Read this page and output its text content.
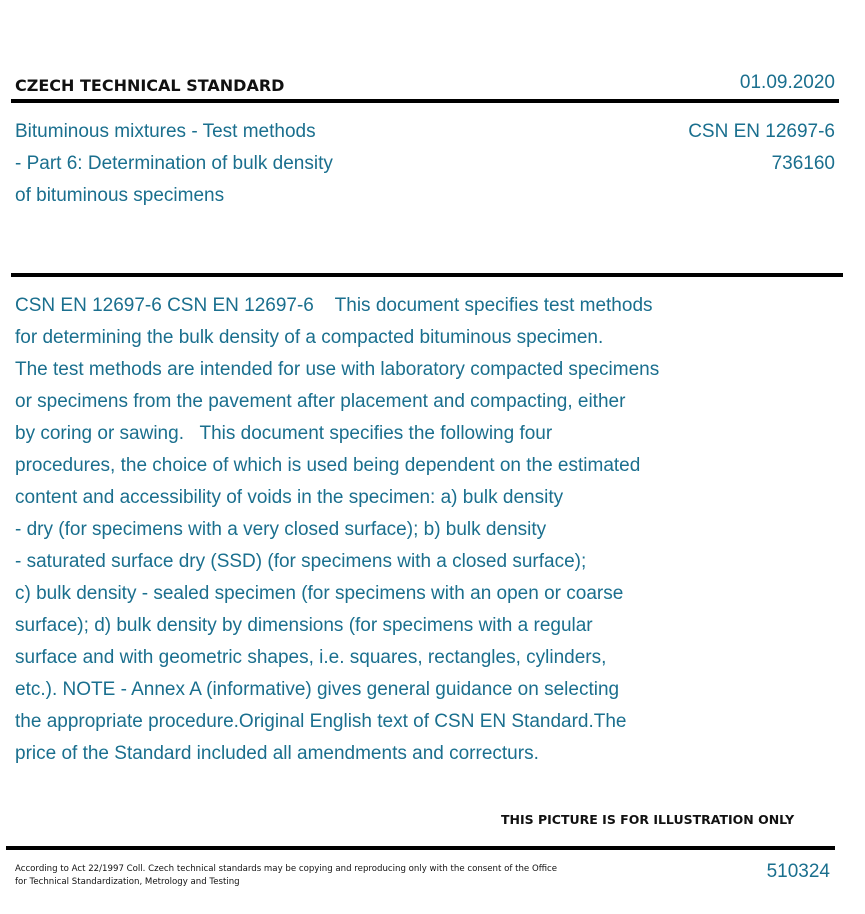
CZECH TECHNICAL STANDARD	01.09.2020
Bituminous mixtures - Test methods
- Part 6: Determination of bulk density
of bituminous specimens
CSN EN 12697-6
736160
CSN EN 12697-6 CSN EN 12697-6    This document specifies test methods
for determining the bulk density of a compacted bituminous specimen.
The test methods are intended for use with laboratory compacted specimens
or specimens from the pavement after placement and compacting, either
by coring or sawing.   This document specifies the following four
procedures, the choice of which is used being dependent on the estimated
content and accessibility of voids in the specimen: a) bulk density
- dry (for specimens with a very closed surface); b) bulk density
- saturated surface dry (SSD) (for specimens with a closed surface);
c) bulk density - sealed specimen (for specimens with an open or coarse
surface); d) bulk density by dimensions (for specimens with a regular
surface and with geometric shapes, i.e. squares, rectangles, cylinders,
etc.). NOTE - Annex A (informative) gives general guidance on selecting
the appropriate procedure.Original English text of CSN EN Standard.The
price of the Standard included all amendments and correcturs.
THIS PICTURE IS FOR ILLUSTRATION ONLY
According to Act 22/1997 Coll. Czech technical standards may be copying and reproducing only with the consent of the Office
for Technical Standardization, Metrology and Testing	510324
